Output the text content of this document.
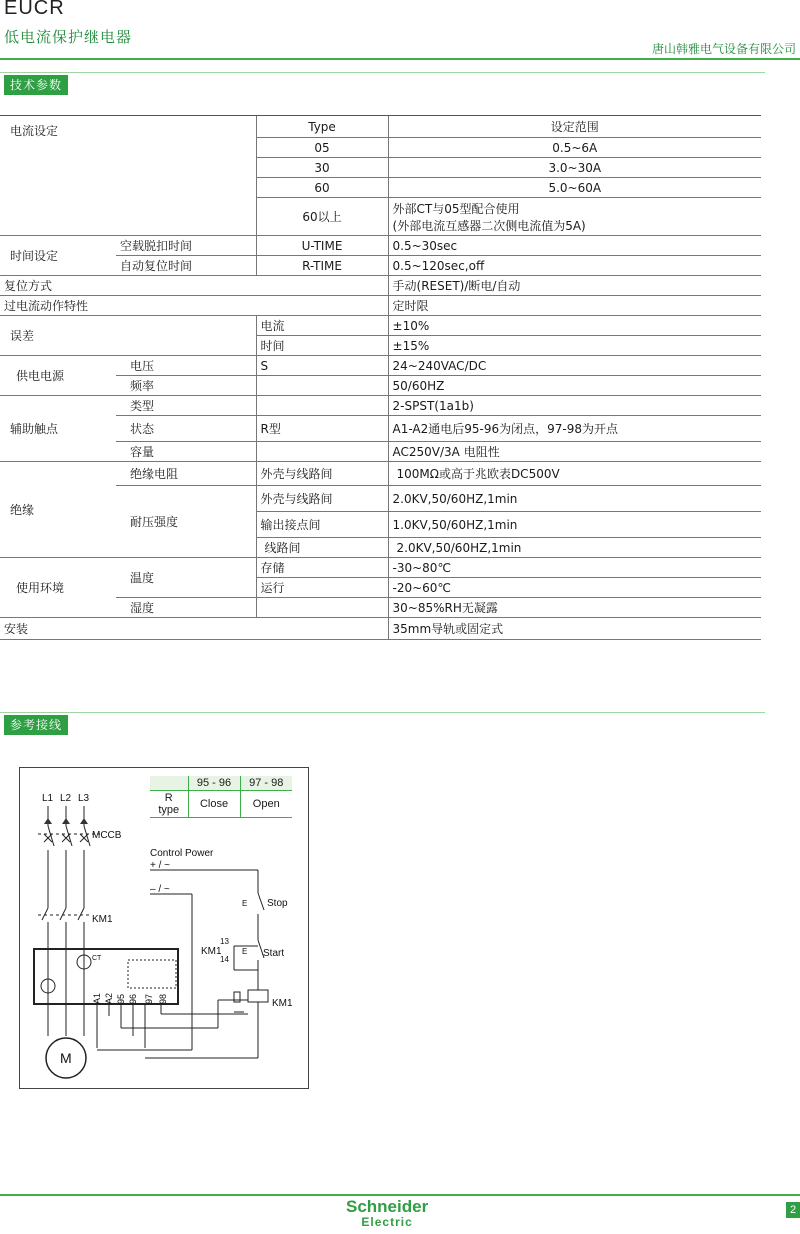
EUCR
低电流保护继电器
唐山韩雅电气设备有限公司
技术参数
电流设定		Type	设定范围
		05	0.5~6A
		30	3.0~30A
		60	5.0~60A
		60以上	外部CT与05型配合使用
(外部电流互感器二次侧电流值为5A)

时间设定	空载脱扣时间	U-TIME	0.5~30sec
	自动复位时间	R-TIME	0.5~120sec,off
复位方式			手动(RESET)/断电/自动
过电流动作特性			定时限
误差		电流	±10%
		时间	±15%
供电电源	电压	S	24~240VAC/DC
	频率		50/60HZ
辅助触点	类型		2-SPST(1a1b)
	状态	R型	A1-A2通电后95-96为闭点，97-98为开点
	容量		AC250V/3A 电阻性
绝缘	绝缘电阻	外壳与线路间	100MΩ或高于兆欧表DC500V
	耐压强度	外壳与线路间	2.0KV,50/60HZ,1min
		输出接点间	1.0KV,50/60HZ,1min
		线路间	2.0KV,50/60HZ,1min
使用环境	温度	存储	-30~80℃
		运行	-20~60℃
	湿度		30~85%RH无凝露
安装			35mm导轨或固定式
参考接线
	95 - 96	97 - 98
R type	Close	Open
L1 L2 L3
MCCB
KM1
Control Power
+ / ~
– / ~
E Stop
13
KM1
14
E Start
KM1
CT
M
A1 A2 95 96 97 98
Schneider
Electric
2
